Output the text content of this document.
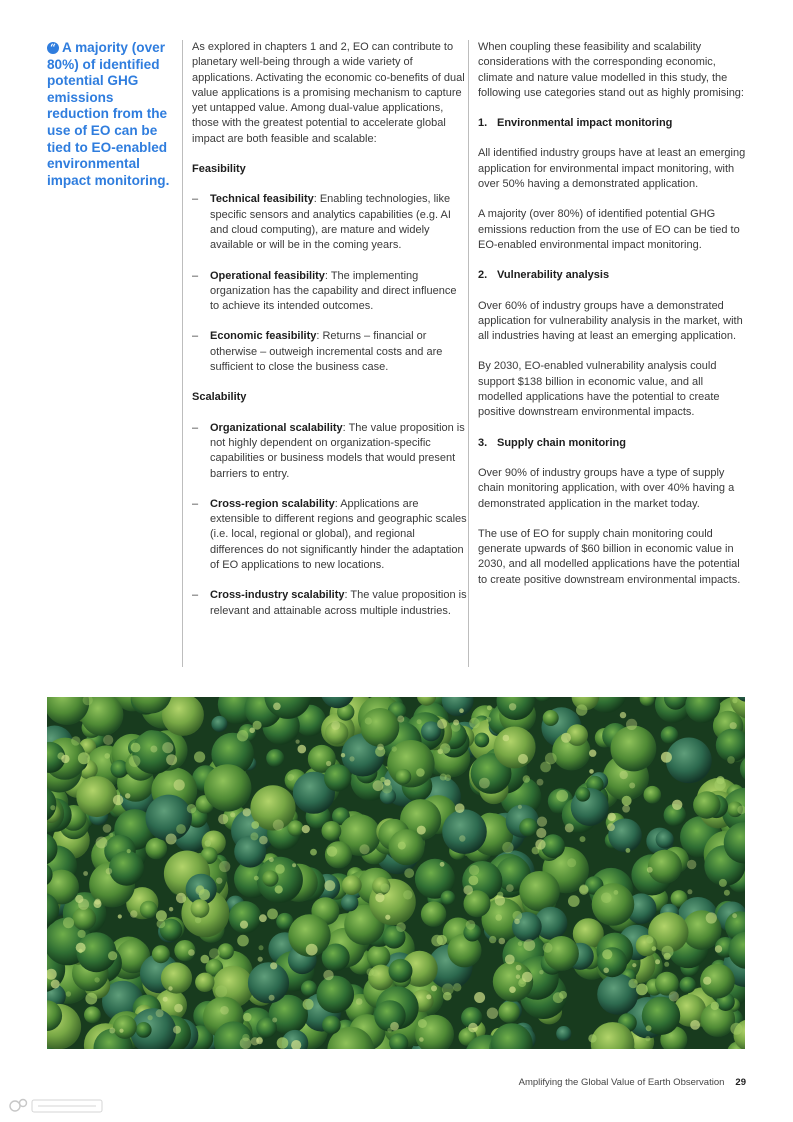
“ A majority (over 80%) of identified potential GHG emissions reduction from the use of EO can be tied to EO-enabled environmental impact monitoring.

As explored in chapters 1 and 2, EO can contribute to planetary well-being through a wide variety of applications. Activating the economic co-benefits of dual value applications is a promising mechanism to capture yet untapped value. Among dual-value applications, those with the greatest potential to accelerate global impact are both feasible and scalable:

Feasibility

–	Technical feasibility: Enabling technologies, like specific sensors and analytics capabilities (e.g. AI and cloud computing), are mature and widely available or will be in the coming years.
–	Operational feasibility: The implementing organization has the capability and direct influence to achieve its intended outcomes.
–	Economic feasibility: Returns – financial or otherwise – outweigh incremental costs and are sufficient to close the business case.

Scalability

–	Organizational scalability: The value proposition is not highly dependent on organization-specific capabilities or business models that would present barriers to entry.
–	Cross-region scalability: Applications are extensible to different regions and geographic scales (i.e. local, regional or global), and regional differences do not significantly hinder the adaptation of EO applications to new locations.
–	Cross-industry scalability: The value proposition is relevant and attainable across multiple industries.

When coupling these feasibility and scalability considerations with the corresponding economic, climate and nature value modelled in this study, the following use categories stand out as highly promising:

1. Environmental impact monitoring

All identified industry groups have at least an emerging application for environmental impact monitoring, with over 50% having a demonstrated application.

A majority (over 80%) of identified potential GHG emissions reduction from the use of EO can be tied to EO-enabled environmental impact monitoring.

2. Vulnerability analysis

Over 60% of industry groups have a demonstrated application for vulnerability analysis in the market, with all industries having at least an emerging application.

By 2030, EO-enabled vulnerability analysis could support $138 billion in economic value, and all modelled applications have the potential to create positive downstream environmental impacts.

3. Supply chain monitoring

Over 90% of industry groups have a type of supply chain monitoring application, with over 40% having a demonstrated application in the market today.

The use of EO for supply chain monitoring could generate upwards of $60 billion in economic value in 2030, and all modelled applications have the potential to create positive downstream environmental impacts.

Amplifying the Global Value of Earth Observation 29
